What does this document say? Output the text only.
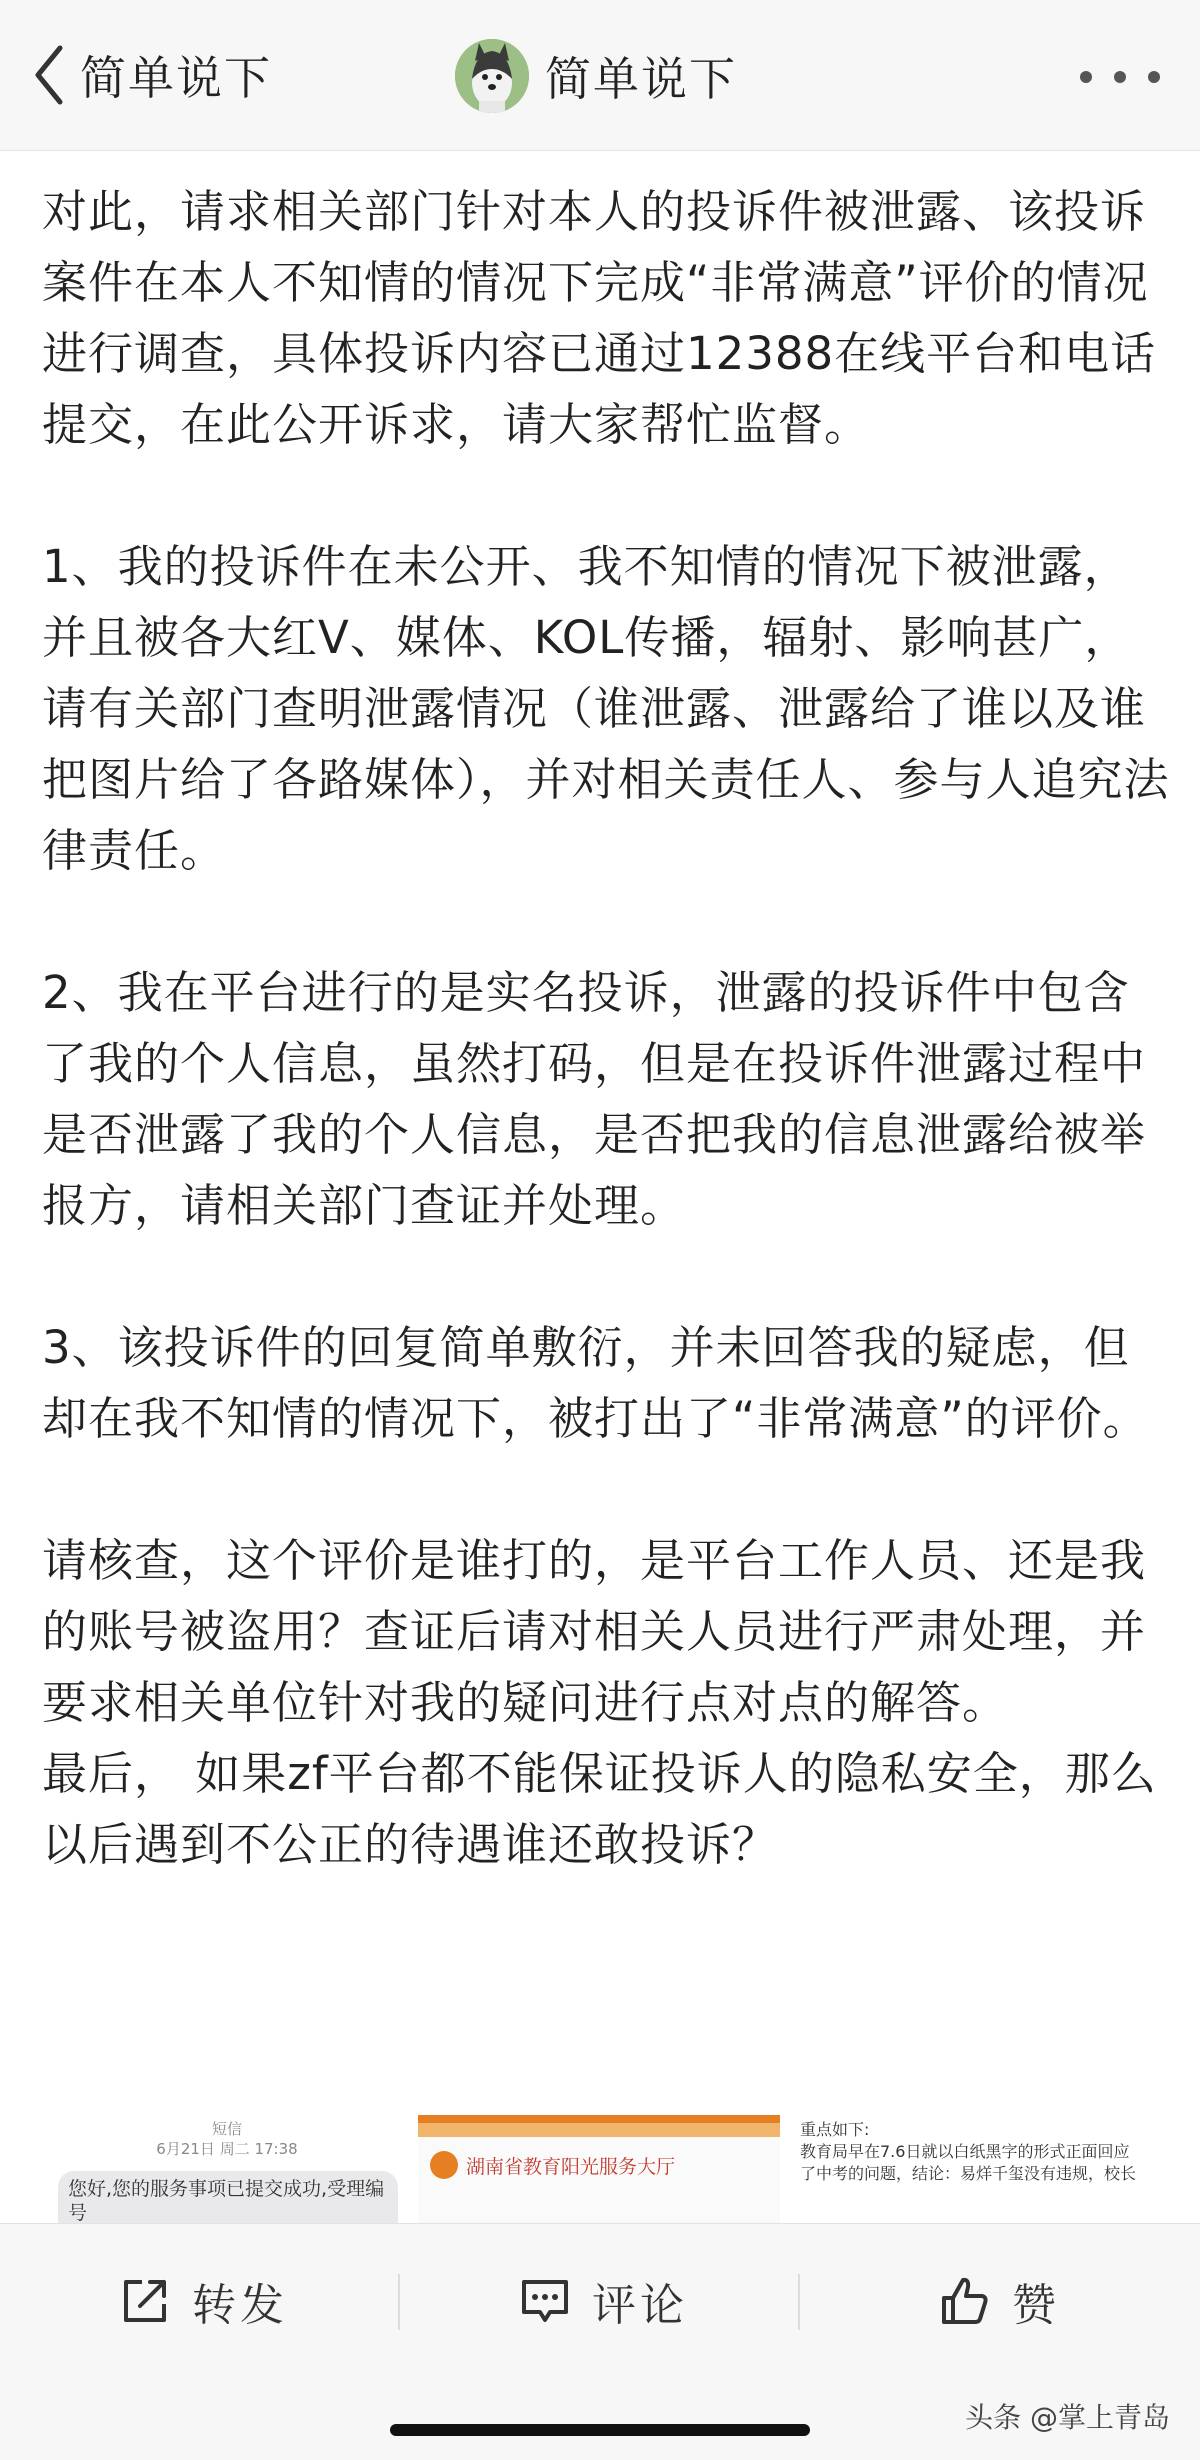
简单说下	简单说下

对此，请求相关部门针对本人的投诉件被泄露、该投诉案件在本人不知情的情况下完成“非常满意”评价的情况进行调查，具体投诉内容已通过12388在线平台和电话提交，在此公开诉求，请大家帮忙监督。

1、我的投诉件在未公开、我不知情的情况下被泄露，并且被各大红V、媒体、KOL传播，辐射、影响甚广，请有关部门查明泄露情况（谁泄露、泄露给了谁以及谁把图片给了各路媒体），并对相关责任人、参与人追究法律责任。

2、我在平台进行的是实名投诉，泄露的投诉件中包含了我的个人信息，虽然打码，但是在投诉件泄露过程中是否泄露了我的个人信息，是否把我的信息泄露给被举报方，请相关部门查证并处理。

3、该投诉件的回复简单敷衍，并未回答我的疑虑，但却在我不知情的情况下，被打出了“非常满意”的评价。

请核查，这个评价是谁打的，是平台工作人员、还是我的账号被盗用？查证后请对相关人员进行严肃处理，并要求相关单位针对我的疑问进行点对点的解答。

最后， 如果zf平台都不能保证投诉人的隐私安全，那么以后遇到不公正的待遇谁还敢投诉？

短信
6月21日 周二 17:38
您好,您的服务事项已提交成功,受理编号
湖南省教育阳光服务大厅
重点如下:
教育局早在7.6日就以白纸黑字的形式正面回应
了中考的问题，结论：易烊千玺没有违规，校长
转发	评论	赞
头条 @掌上青岛
